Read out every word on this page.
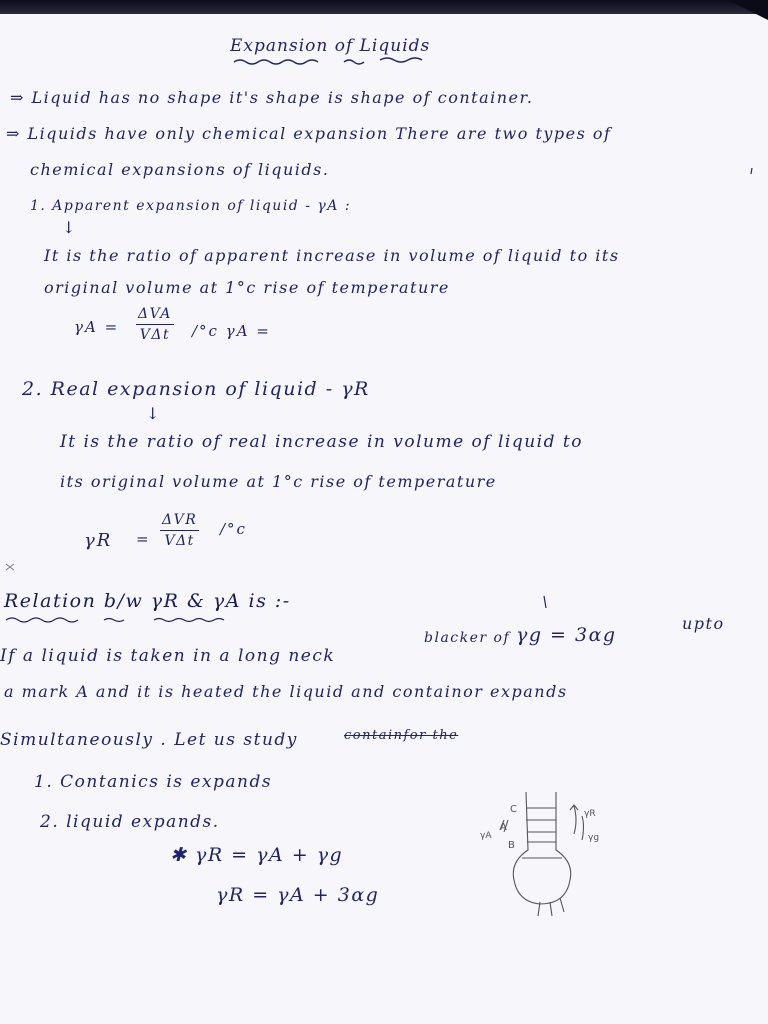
Expansion of Liquids
⇒ Liquid has no shape it's shape is shape of container.
⇒ Liquids have only chemical expansion There are two types of
chemical expansions of liquids.
1. Apparent expansion of liquid - γA :
↓
It is the ratio of apparent increase in volume of liquid to its
original volume at 1°c rise of temperature
γA =
ΔVA
VΔt /°c γA =
2. Real expansion of liquid - γR
↓
It is the ratio of real increase in volume of liquid to
its original volume at 1°c rise of temperature
γR =
ΔVR
VΔt
/°c
Relation b/w γR & γA is :-
If a liquid is taken in a long neck
blacker of γg = 3αg
upto
a mark A and it is heated the liquid and containor expands
Simultaneously . Let us study	containfor the
1. Contanics is expands
2. liquid expands.
✱ γR = γA + γg
γR = γA + 3αg
C
A
B
γA
γR
γg
